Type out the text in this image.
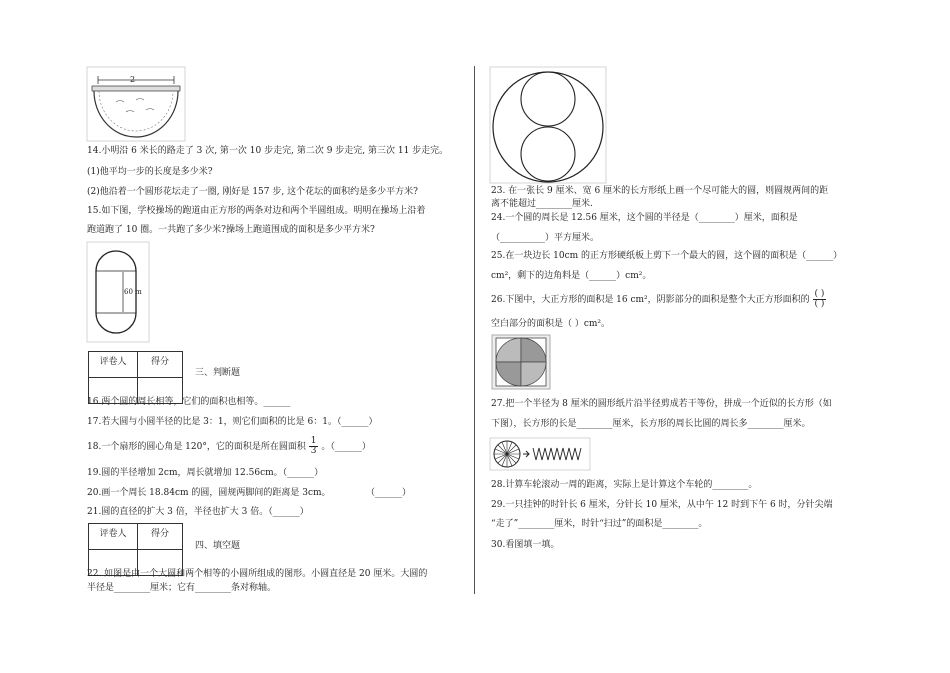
2
14.小明沿 6 米长的路走了 3 次, 第一次 10 步走完, 第二次 9 步走完, 第三次 11 步走完。
(1)他平均一步的长度是多少米?
(2)他沿着一个圆形花坛走了一圈, 刚好是 157 步, 这个花坛的面积约是多少平方米?
15.如下图，学校操场的跑道由正方形的两条对边和两个半圆组成。明明在操场上沿着
跑道跑了 10 圈。一共跑了多少米?操场上跑道围成的面积是多少平方米?
60 m
评卷人	得分

三、判断题
16.两个圆的周长相等，它们的面积也相等。______
17.若大圆与小圆半径的比是 3：1，则它们面积的比是 6：1。（______）
18.一个扇形的圆心角是 120°，它的面积是所在圆面积 $\frac{1}{3}$ 。（______）
19.圆的半径增加 2cm，周长就增加 12.56cm。（______）
20.画一个周长 18.84cm 的圆，圆规两脚间的距离是 3cm。	（______）
21.圆的直径的扩大 3 倍，半径也扩大 3 倍。（______）
评卷人	得分

四、填空题
22. 如图是由一个大圆和两个相等的小圆所组成的图形。小圆直径是 20 厘米。大圆的
半径是________厘米；它有________条对称轴。
23. 在一张长 9 厘米、宽 6 厘米的长方形纸上画一个尽可能大的圆，则圆规两间的距
离不能超过________厘米.
24.一个圆的周长是 12.56 厘米，这个圆的半径是（________）厘米，面积是
（__________）平方厘米。
25.在一块边长 10cm 的正方形硬纸板上剪下一个最大的圆，这个圆的面积是（______）
cm²，剩下的边角料是（______）cm²。
26.下图中，大正方形的面积是 16 cm²，阴影部分的面积是整个大正方形面积的 $\frac{( )}{( )}$
空白部分的面积是（ ）cm²。
27.把一个半径为 8 厘米的圆形纸片沿半径剪成若干等份，拼成一个近似的长方形（如
下图），长方形的长是________厘米，长方形的周长比圆的周长多________厘米。
28.计算车轮滚动一周的距离，实际上是计算这个车轮的________。
29.一只挂钟的时针长 6 厘米，分针长 10 厘米，从中午 12 时到下午 6 时，分针尖端
“走了”________厘米，时针“扫过”的面积是________。
30.看图填一填。
